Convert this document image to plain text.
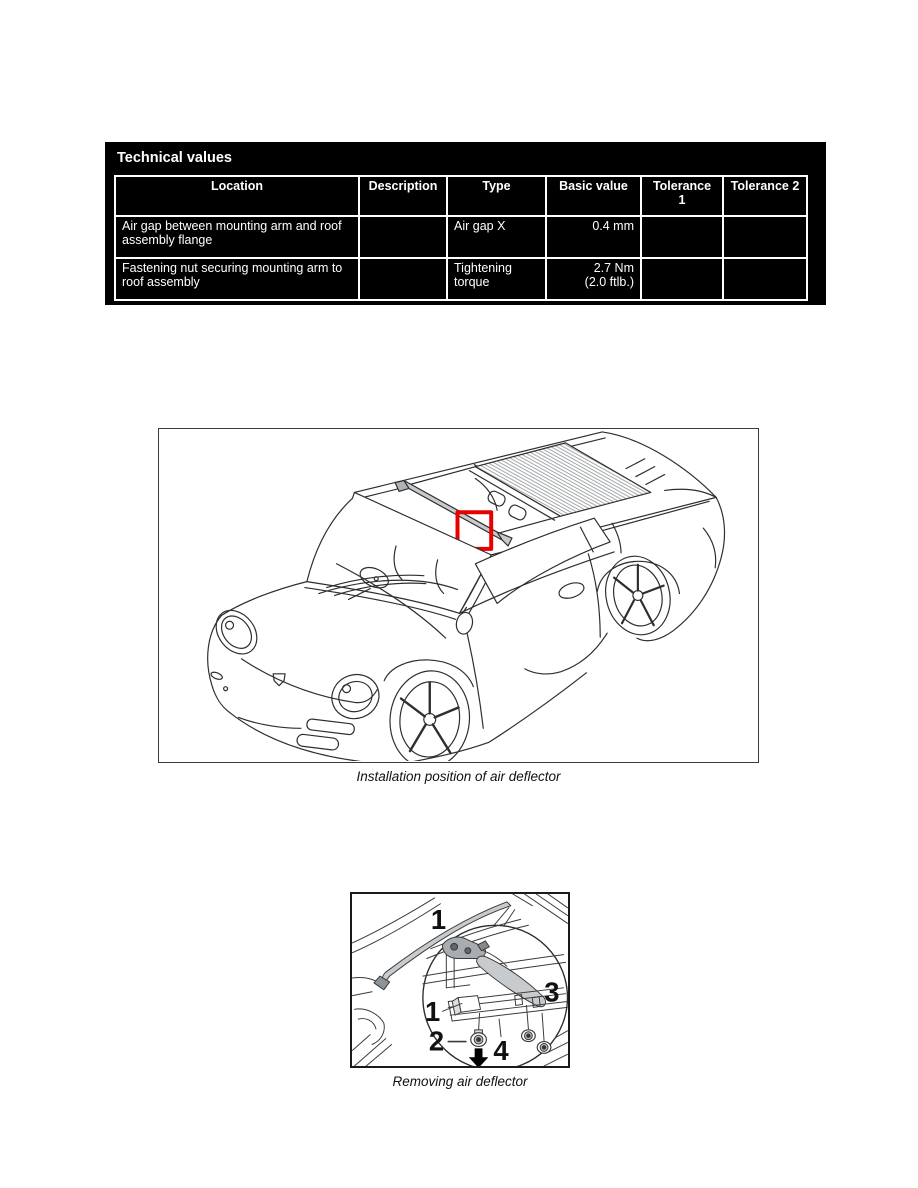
Technical values
Location	Description	Type	Basic value	Tolerance 1	Tolerance 2
Air gap between mounting arm and roof assembly flange		Air gap X	0.4 mm		

Fastening nut securing mounting arm to roof assembly		Tightening torque	2.7 Nm
(2.0 ftlb.)		

Installation position of air deflector
1
1
2
3
4
Removing air deflector
